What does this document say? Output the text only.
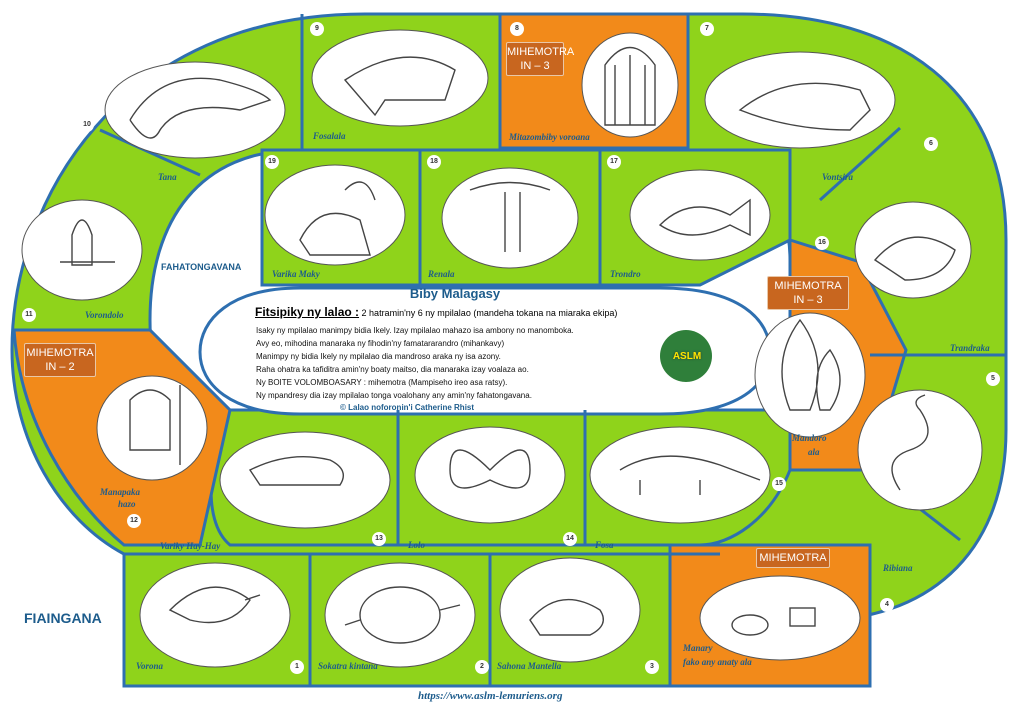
ASLM
Biby Malagasy
Fitsipiky ny lalao : 2 hatramin'ny 6 ny mpilalao (mandeha tokana na miaraka ekipa)
Isaky ny mpilalao manimpy bidia Ikely. Izay mpilalao mahazo isa ambony no manomboka.
Avy eo, mihodina manaraka ny fihodin'ny famatararandro (mihankavy)
Manimpy ny bidia Ikely ny mpilalao dia mandroso araka ny isa azony.
Raha ohatra ka tafiditra amin'ny boaty maitso, dia manaraka izay voalaza ao.
Ny BOITE VOLOMBOASARY : mihemotra (Mampiseho ireo asa ratsy).
Ny mpandresy dia izay mpilalao tonga voalohany any amin'ny fahatongavana.
© Lalao noforonin'i Catherine Rhist
FAHATONGAVANA
FIAINGANA
https://www.aslm-lemuriens.org
MIHEMOTRA
IN – 3
MIHEMOTRA
IN – 3
MIHEMOTRA
IN – 2
MIHEMOTRA

1	2	3
4
5
6
7
8
9
10
11
12
13	14
15
16
17
18
19
Vorona	Sokatra kintana	Sahona Mantella
Manary
fako any anaty ala
Ribiana
Trandraka
Vontsira
Mitazombiby voroana
Fosalala
Tana
Vorondolo
Manapaka
hazo
Variky Hay-Hay	Lolo	Fosa
Mandoro
ala
Trondro
Renala
Varika Maky
